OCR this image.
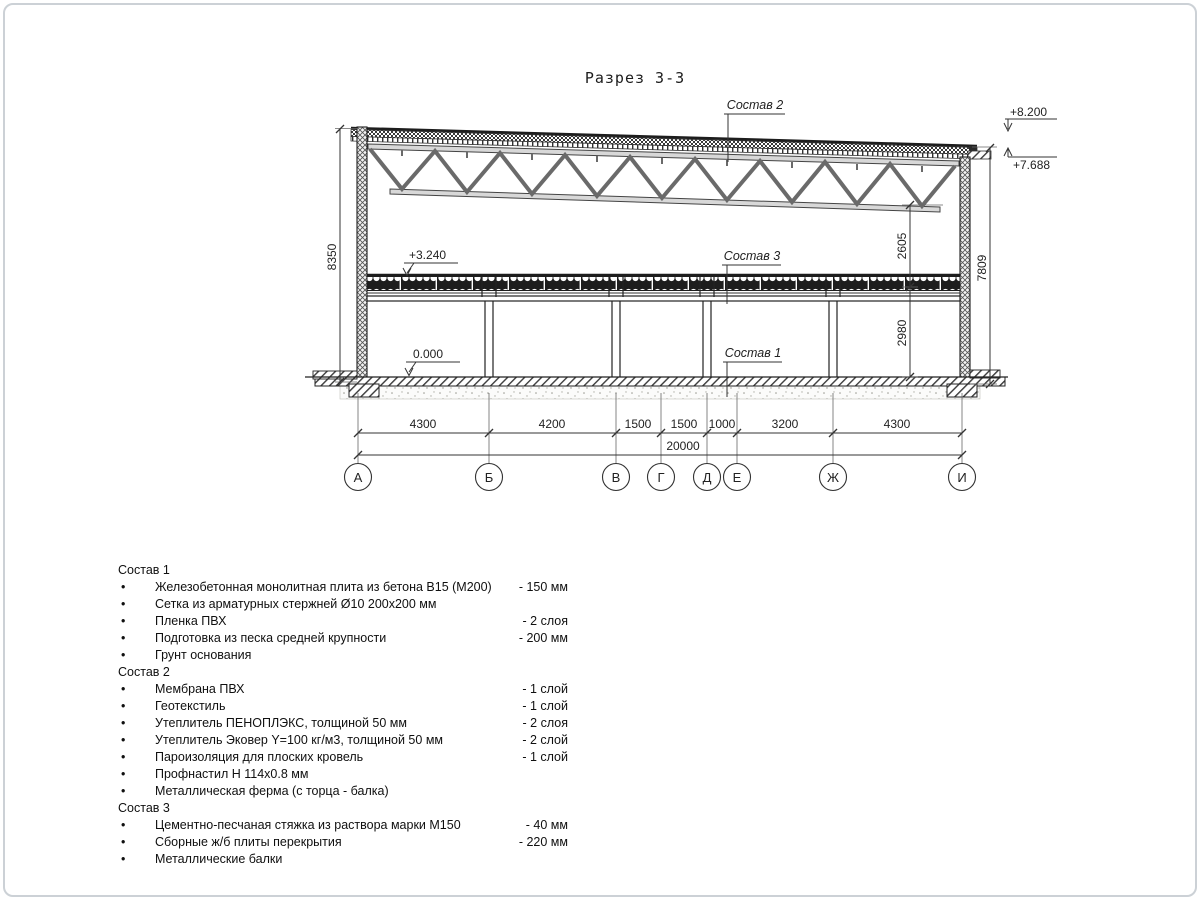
Разрез 3-3
8350	2605
2980
7809
4300	4200	1500 1500 1000	3200	4300
20000
А	Б	В	Г	Д Е	Ж	И
+8.200
+7.688
+3.240
0.000
Состав 2
Состав 3
Состав 1
Состав 1
•	Железобетонная монолитная плита из бетона В15 (М200)	- 150 мм
•	Сетка из арматурных стержней Ø10 200х200 мм
•	Пленка ПВХ	- 2 слоя
•	Подготовка из песка средней крупности	- 200 мм
•	Грунт основания
Состав 2
•	Мембрана ПВХ	- 1 слой
•	Геотекстиль	- 1 слой
•	Утеплитель ПЕНОПЛЭКС, толщиной 50 мм	- 2 слоя
•	Утеплитель Эковер Y=100 кг/м3, толщиной 50 мм	- 2 слой
•	Пароизоляция для плоских кровель	- 1 слой
•	Профнастил Н 114х0.8 мм
•	Металлическая ферма (с торца - балка)
Состав 3
•	Цементно-песчаная стяжка из раствора марки М150	- 40 мм
•	Сборные ж/б плиты перекрытия	- 220 мм
•	Металлические балки
